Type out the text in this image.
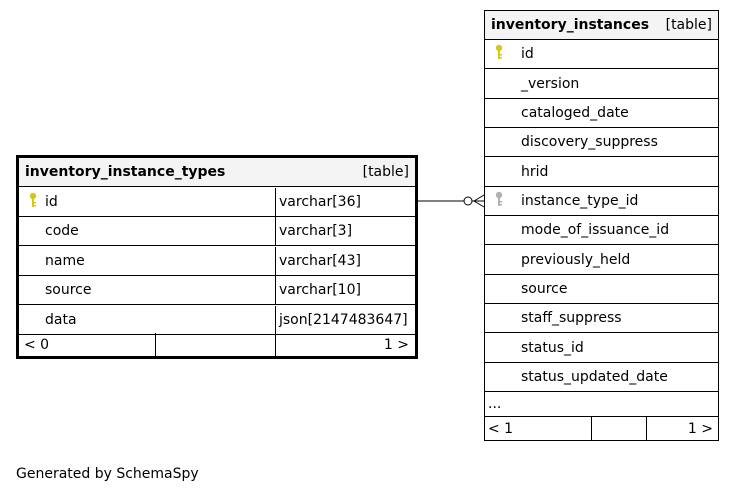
inventory_instance_types	[table]
id	varchar[36]
code	varchar[3]
name	varchar[43]
source	varchar[10]
data	json[2147483647]
< 0	1 >
inventory_instances [table]
id
_version
cataloged_date
discovery_suppress
hrid
instance_type_id
mode_of_issuance_id
previously_held
source
staff_suppress
status_id
status_updated_date
...
< 1	1 >
Generated by SchemaSpy
